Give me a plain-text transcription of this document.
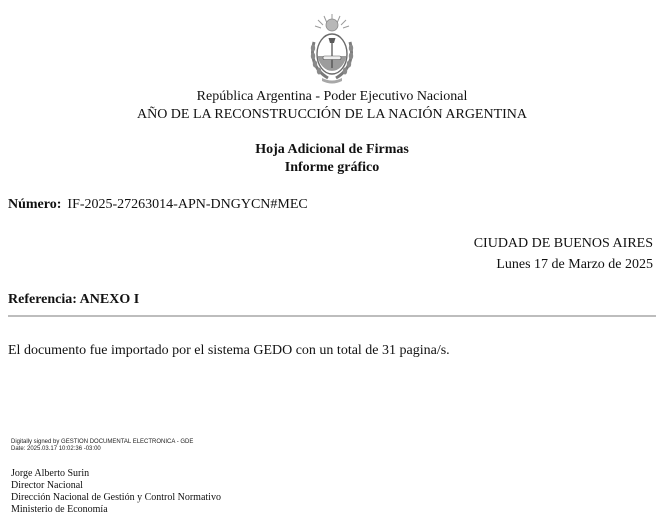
República Argentina - Poder Ejecutivo Nacional
AÑO DE LA RECONSTRUCCIÓN DE LA NACIÓN ARGENTINA
Hoja Adicional de Firmas
Informe gráfico
Número: IF-2025-27263014-APN-DNGYCN#MEC
CIUDAD DE BUENOS AIRES
Lunes 17 de Marzo de 2025
Referencia: ANEXO I
El documento fue importado por el sistema GEDO con un total de 31 pagina/s.
Digitally signed by GESTION DOCUMENTAL ELECTRONICA - GDE
Date: 2025.03.17 10:02:36 -03:00
Jorge Alberto Surin
Director Nacional
Dirección Nacional de Gestión y Control Normativo
Ministerio de Economía
